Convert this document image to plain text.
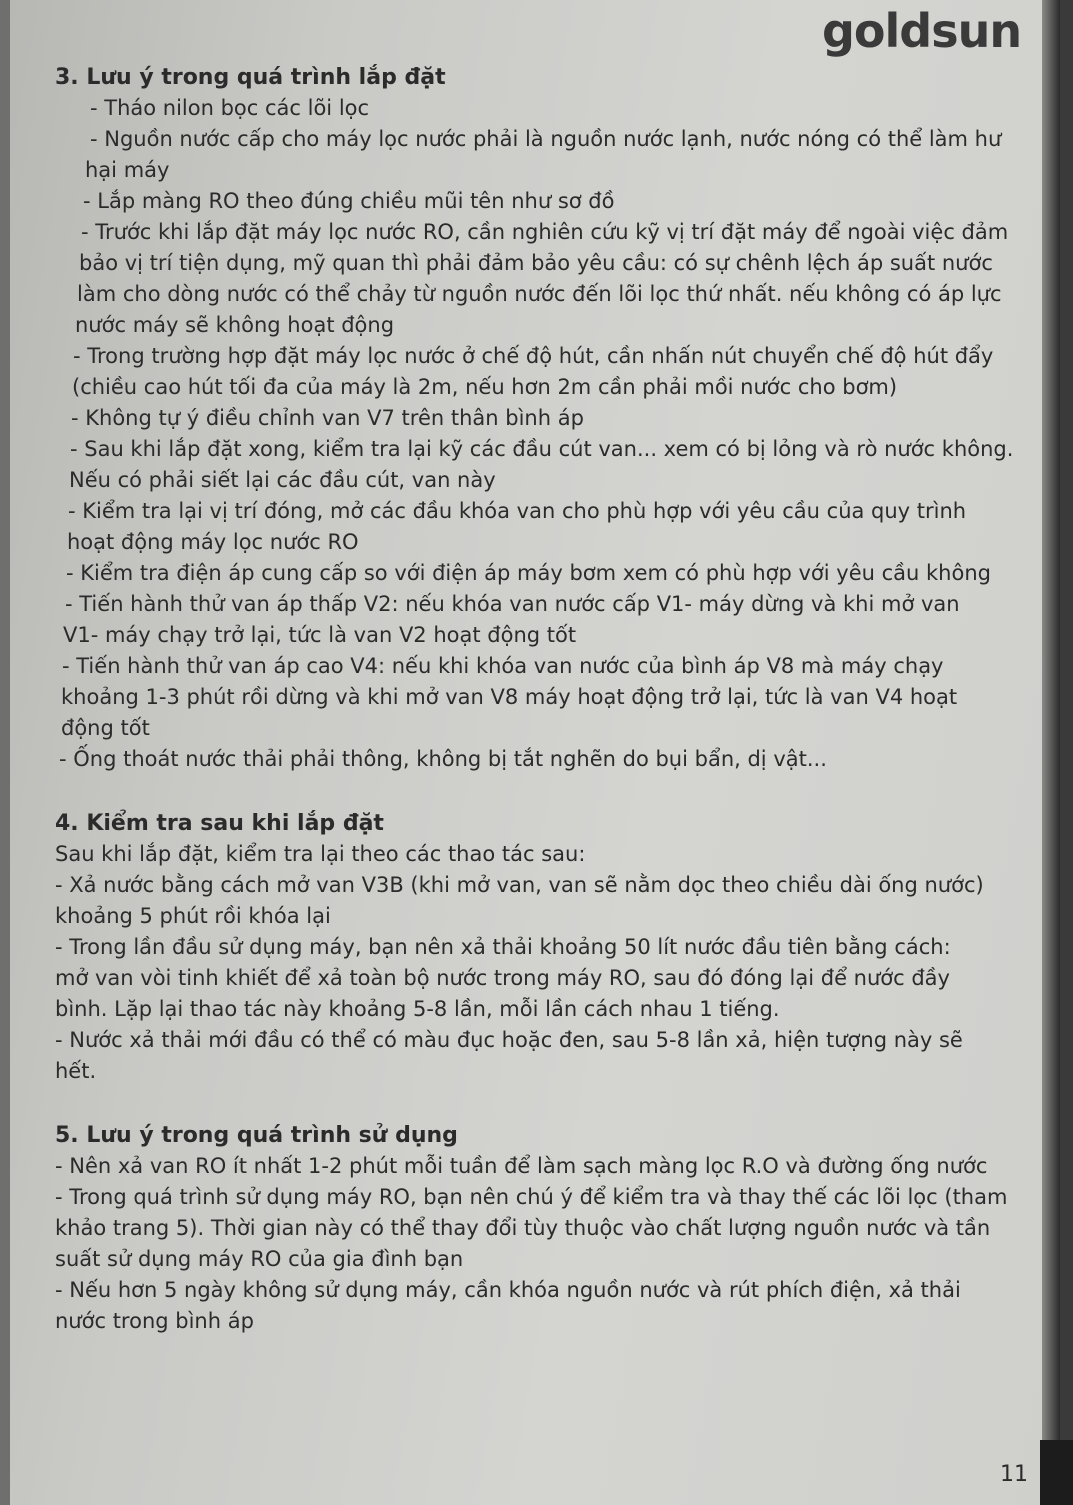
goldsun

3. Lưu ý trong quá trình lắp đặt

- Tháo nilon bọc các lõi lọc

- Nguồn nước cấp cho máy lọc nước phải là nguồn nước lạnh, nước nóng có thể làm hư

hại máy

- Lắp màng RO theo đúng chiều mũi tên như sơ đồ

- Trước khi lắp đặt máy lọc nước RO, cần nghiên cứu kỹ vị trí đặt máy để ngoài việc đảm

bảo vị trí tiện dụng, mỹ quan thì phải đảm bảo yêu cầu: có sự chênh lệch áp suất nước

làm cho dòng nước có thể chảy từ nguồn nước đến lõi lọc thứ nhất. nếu không có áp lực

nước máy sẽ không hoạt động

- Trong trường hợp đặt máy lọc nước ở chế độ hút, cần nhấn nút chuyển chế độ hút đẩy

(chiều cao hút tối đa của máy là 2m, nếu hơn 2m cần phải mồi nước cho bơm)

- Không tự ý điều chỉnh van V7 trên thân bình áp

- Sau khi lắp đặt xong, kiểm tra lại kỹ các đầu cút van... xem có bị lỏng và rò nước không.

Nếu có phải siết lại các đầu cút, van này

- Kiểm tra lại vị trí đóng, mở các đầu khóa van cho phù hợp với yêu cầu của quy trình

hoạt động máy lọc nước RO

- Kiểm tra điện áp cung cấp so với điện áp máy bơm xem có phù hợp với yêu cầu không

- Tiến hành thử van áp thấp V2: nếu khóa van nước cấp V1- máy dừng và khi mở van

V1- máy chạy trở lại, tức là van V2 hoạt động tốt

- Tiến hành thử van áp cao V4: nếu khi khóa van nước của bình áp V8 mà máy chạy

khoảng 1-3 phút rồi dừng và khi mở van V8 máy hoạt động trở lại, tức là van V4 hoạt

động tốt

- Ống thoát nước thải phải thông, không bị tắt nghẽn do bụi bẩn, dị vật...

4. Kiểm tra sau khi lắp đặt

Sau khi lắp đặt, kiểm tra lại theo các thao tác sau:

- Xả nước bằng cách mở van V3B (khi mở van, van sẽ nằm dọc theo chiều dài ống nước)

khoảng 5 phút rồi khóa lại

- Trong lần đầu sử dụng máy, bạn nên xả thải khoảng 50 lít nước đầu tiên bằng cách:

mở van vòi tinh khiết để xả toàn bộ nước trong máy RO, sau đó đóng lại để nước đầy

bình. Lặp lại thao tác này khoảng 5-8 lần, mỗi lần cách nhau 1 tiếng.

- Nước xả thải mới đầu có thể có màu đục hoặc đen, sau 5-8 lần xả, hiện tượng này sẽ

hết.

5. Lưu ý trong quá trình sử dụng

- Nên xả van RO ít nhất 1-2 phút mỗi tuần để làm sạch màng lọc R.O và đường ống nước

- Trong quá trình sử dụng máy RO, bạn nên chú ý để kiểm tra và thay thế các lõi lọc (tham

khảo trang 5). Thời gian này có thể thay đổi tùy thuộc vào chất lượng nguồn nước và tần

suất sử dụng máy RO của gia đình bạn

- Nếu hơn 5 ngày không sử dụng máy, cần khóa nguồn nước và rút phích điện, xả thải

nước trong bình áp

11
